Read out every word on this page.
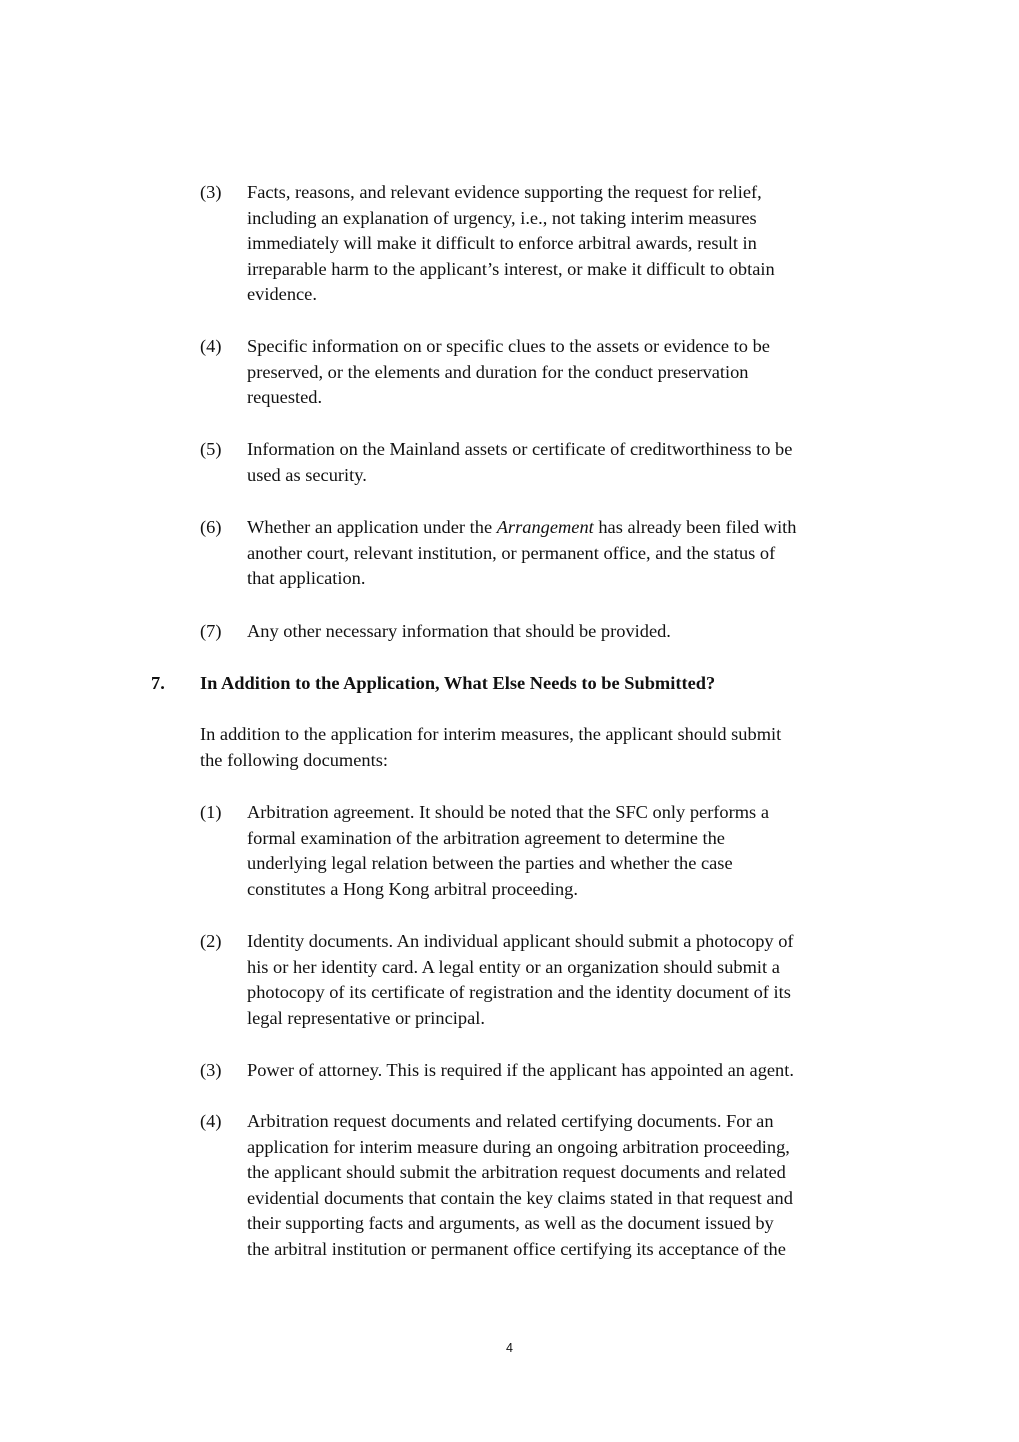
(3) Facts, reasons, and relevant evidence supporting the request for relief,
including an explanation of urgency, i.e., not taking interim measures
immediately will make it difficult to enforce arbitral awards, result in
irreparable harm to the applicant’s interest, or make it difficult to obtain
evidence.
(4) Specific information on or specific clues to the assets or evidence to be
preserved, or the elements and duration for the conduct preservation
requested.
(5) Information on the Mainland assets or certificate of creditworthiness to be
used as security.
(6) Whether an application under the Arrangement has already been filed with
another court, relevant institution, or permanent office, and the status of
that application.
(7) Any other necessary information that should be provided.
7. In Addition to the Application, What Else Needs to be Submitted?
In addition to the application for interim measures, the applicant should submit
the following documents:
(1) Arbitration agreement. It should be noted that the SFC only performs a
formal examination of the arbitration agreement to determine the
underlying legal relation between the parties and whether the case
constitutes a Hong Kong arbitral proceeding.
(2) Identity documents. An individual applicant should submit a photocopy of
his or her identity card. A legal entity or an organization should submit a
photocopy of its certificate of registration and the identity document of its
legal representative or principal.
(3) Power of attorney. This is required if the applicant has appointed an agent.
(4) Arbitration request documents and related certifying documents. For an
application for interim measure during an ongoing arbitration proceeding,
the applicant should submit the arbitration request documents and related
evidential documents that contain the key claims stated in that request and
their supporting facts and arguments, as well as the document issued by
the arbitral institution or permanent office certifying its acceptance of the
4
